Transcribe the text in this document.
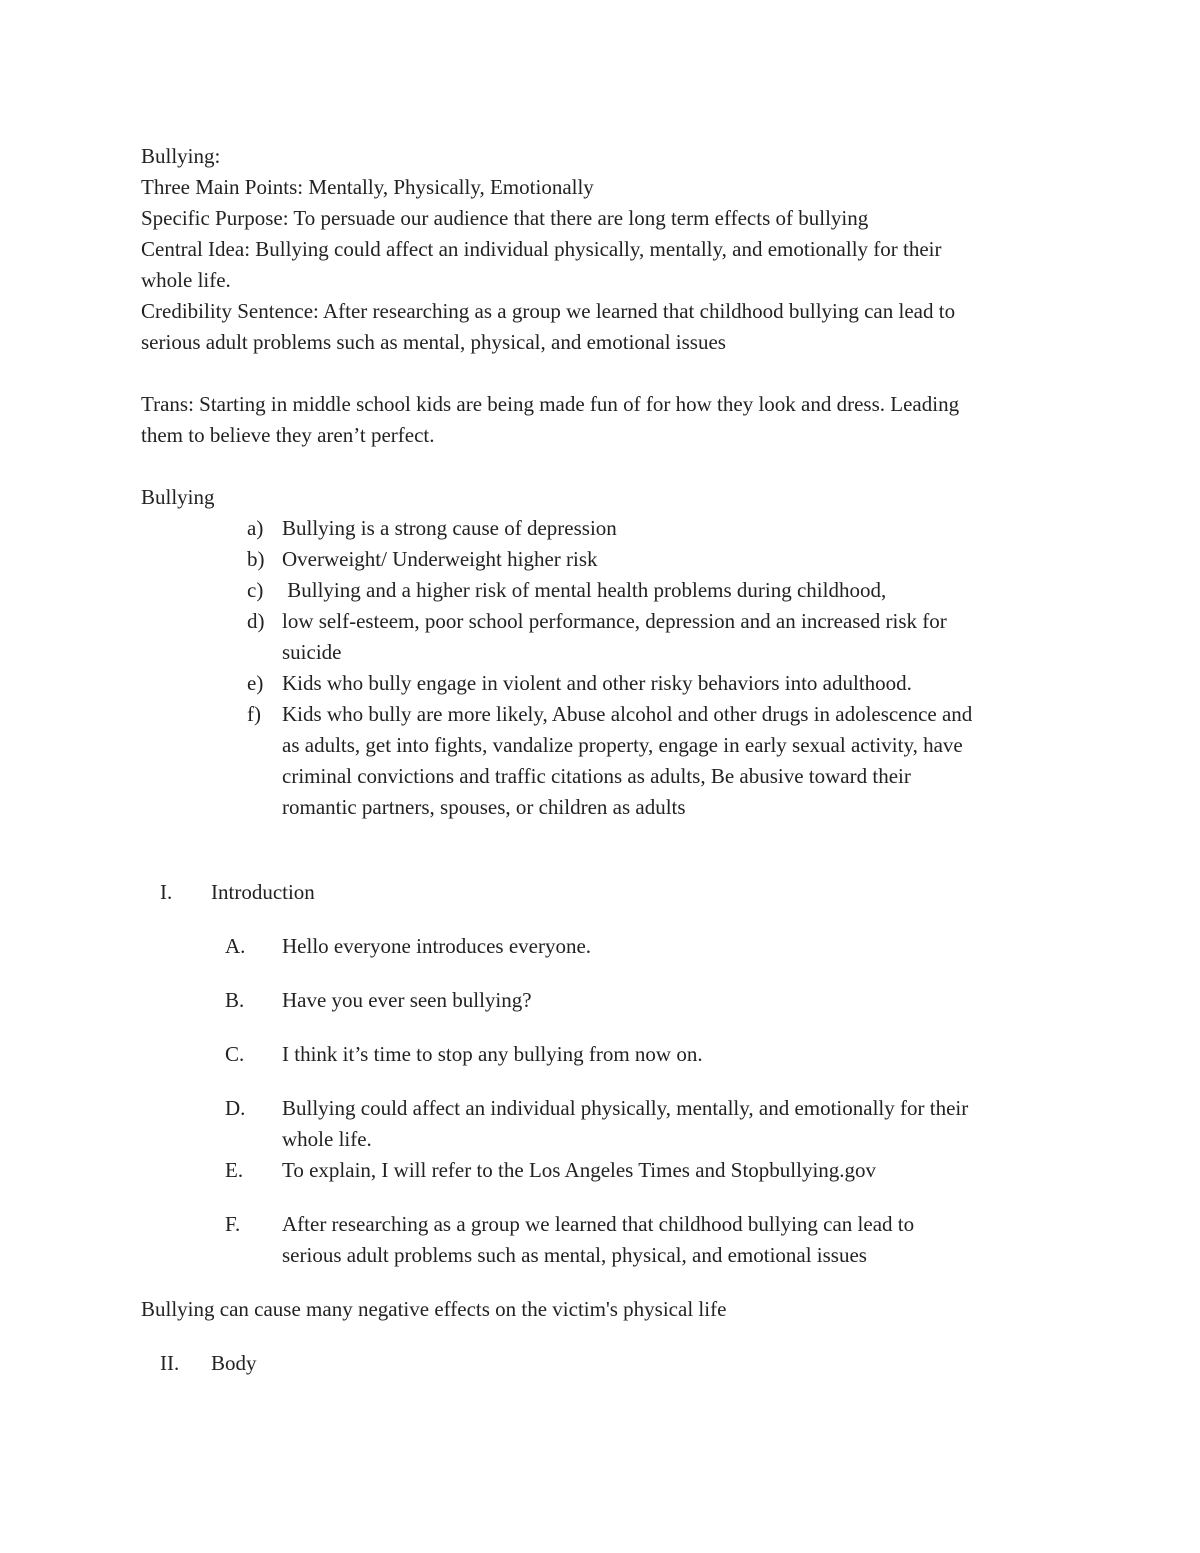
Bullying:
Three Main Points: Mentally, Physically, Emotionally
Specific Purpose: To persuade our audience that there are long term effects of bullying
Central Idea: Bullying could affect an individual physically, mentally, and emotionally for their
whole life.
Credibility Sentence: After researching as a group we learned that childhood bullying can lead to
serious adult problems such as mental, physical, and emotional issues
Trans: Starting in middle school kids are being made fun of for how they look and dress. Leading
them to believe they aren’t perfect.
Bullying
a) Bullying is a strong cause of depression
b) Overweight/ Underweight higher risk
c) Bullying and a higher risk of mental health problems during childhood,
d) low self-esteem, poor school performance, depression and an increased risk for
suicide
e) Kids who bully engage in violent and other risky behaviors into adulthood.
f) Kids who bully are more likely, Abuse alcohol and other drugs in adolescence and
as adults, get into fights, vandalize property, engage in early sexual activity, have
criminal convictions and traffic citations as adults, Be abusive toward their
romantic partners, spouses, or children as adults
I. Introduction
A. Hello everyone introduces everyone.
B. Have you ever seen bullying?
C. I think it’s time to stop any bullying from now on.
D. Bullying could affect an individual physically, mentally, and emotionally for their
whole life.
E. To explain, I will refer to the Los Angeles Times and Stopbullying.gov
F. After researching as a group we learned that childhood bullying can lead to
serious adult problems such as mental, physical, and emotional issues
Bullying can cause many negative effects on the victim's physical life
II. Body
